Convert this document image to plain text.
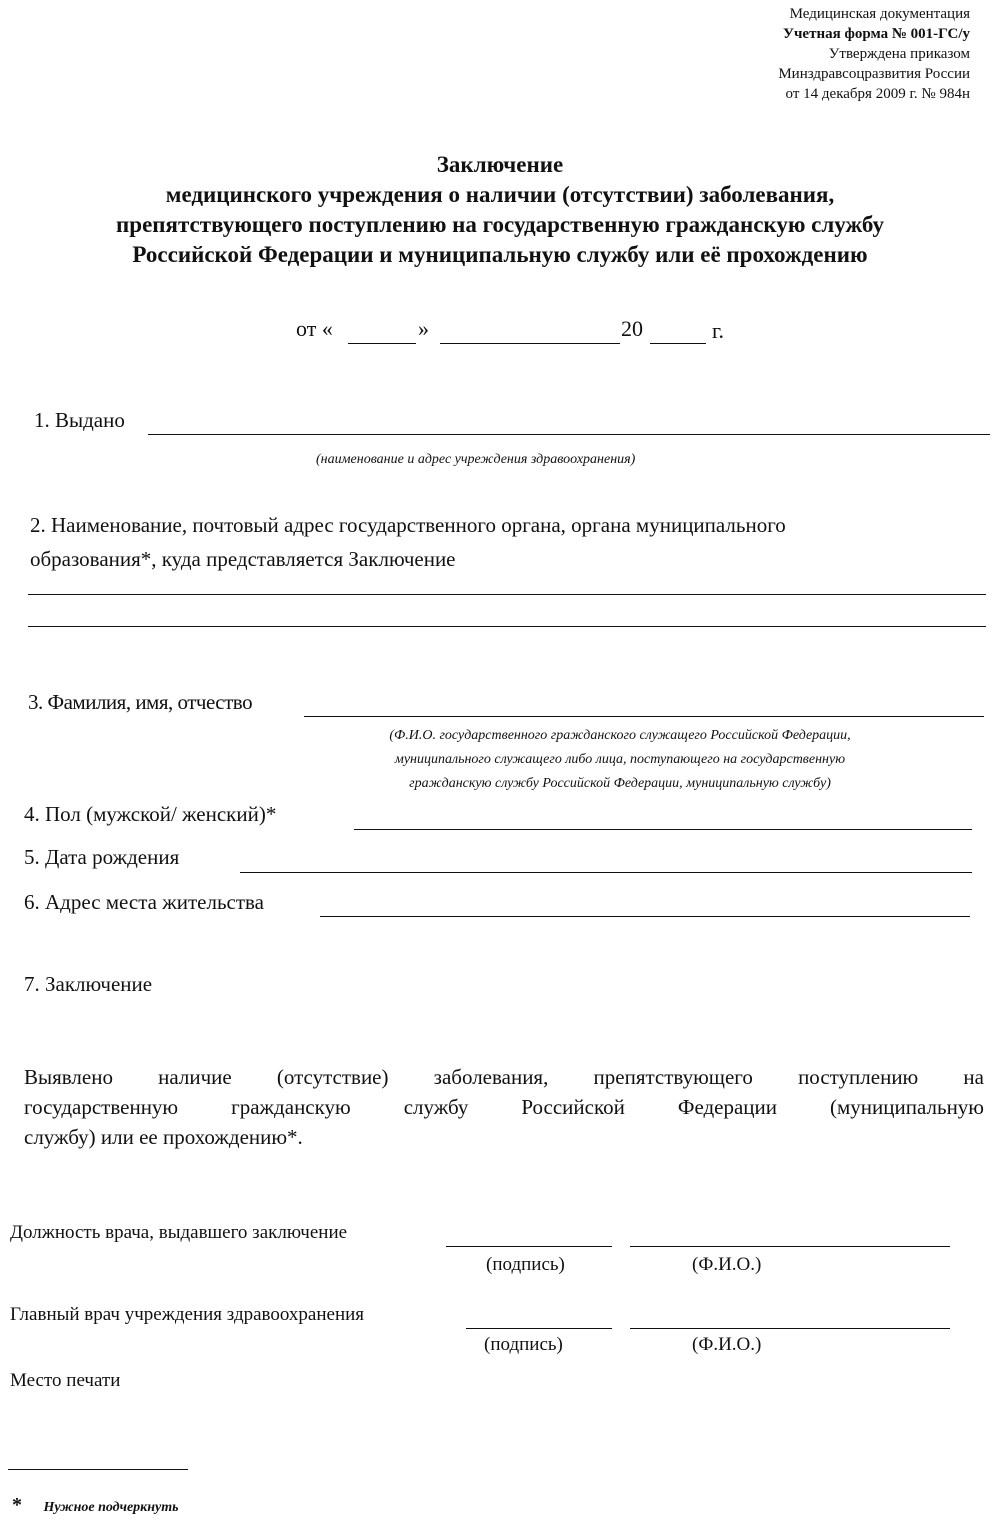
Медицинская документация
Учетная форма № 001-ГС/у
Утверждена приказом
Минздравсоцразвития России
от 14 декабря 2009 г. № 984н
Заключение
медицинского учреждения о наличии (отсутствии) заболевания,
препятствующего поступлению на государственную гражданскую службу
Российской Федерации и муниципальную службу или её прохождению
от «	»	20	г.
1. Выдано
(наименование и адрес учреждения здравоохранения)
2. Наименование, почтовый адрес государственного органа, органа муниципального
образования*, куда представляется Заключение
3. Фамилия, имя, отчество
(Ф.И.О. государственного гражданского служащего Российской Федерации,
муниципального служащего либо лица, поступающего на государственную
гражданскую службу Российской Федерации, муниципальную службу)
4. Пол (мужской/ женский)*
5. Дата рождения
6. Адрес места жительства
7. Заключение
Выявлено наличие (отсутствие) заболевания, препятствующего поступлению на
государственную гражданскую службу Российской Федерации (муниципальную
службу) или ее прохождению*.
Должность врача, выдавшего заключение
(подпись)	(Ф.И.О.)
Главный врач учреждения здравоохранения
(подпись)	(Ф.И.О.)
Место печати
* Нужное подчеркнуть
